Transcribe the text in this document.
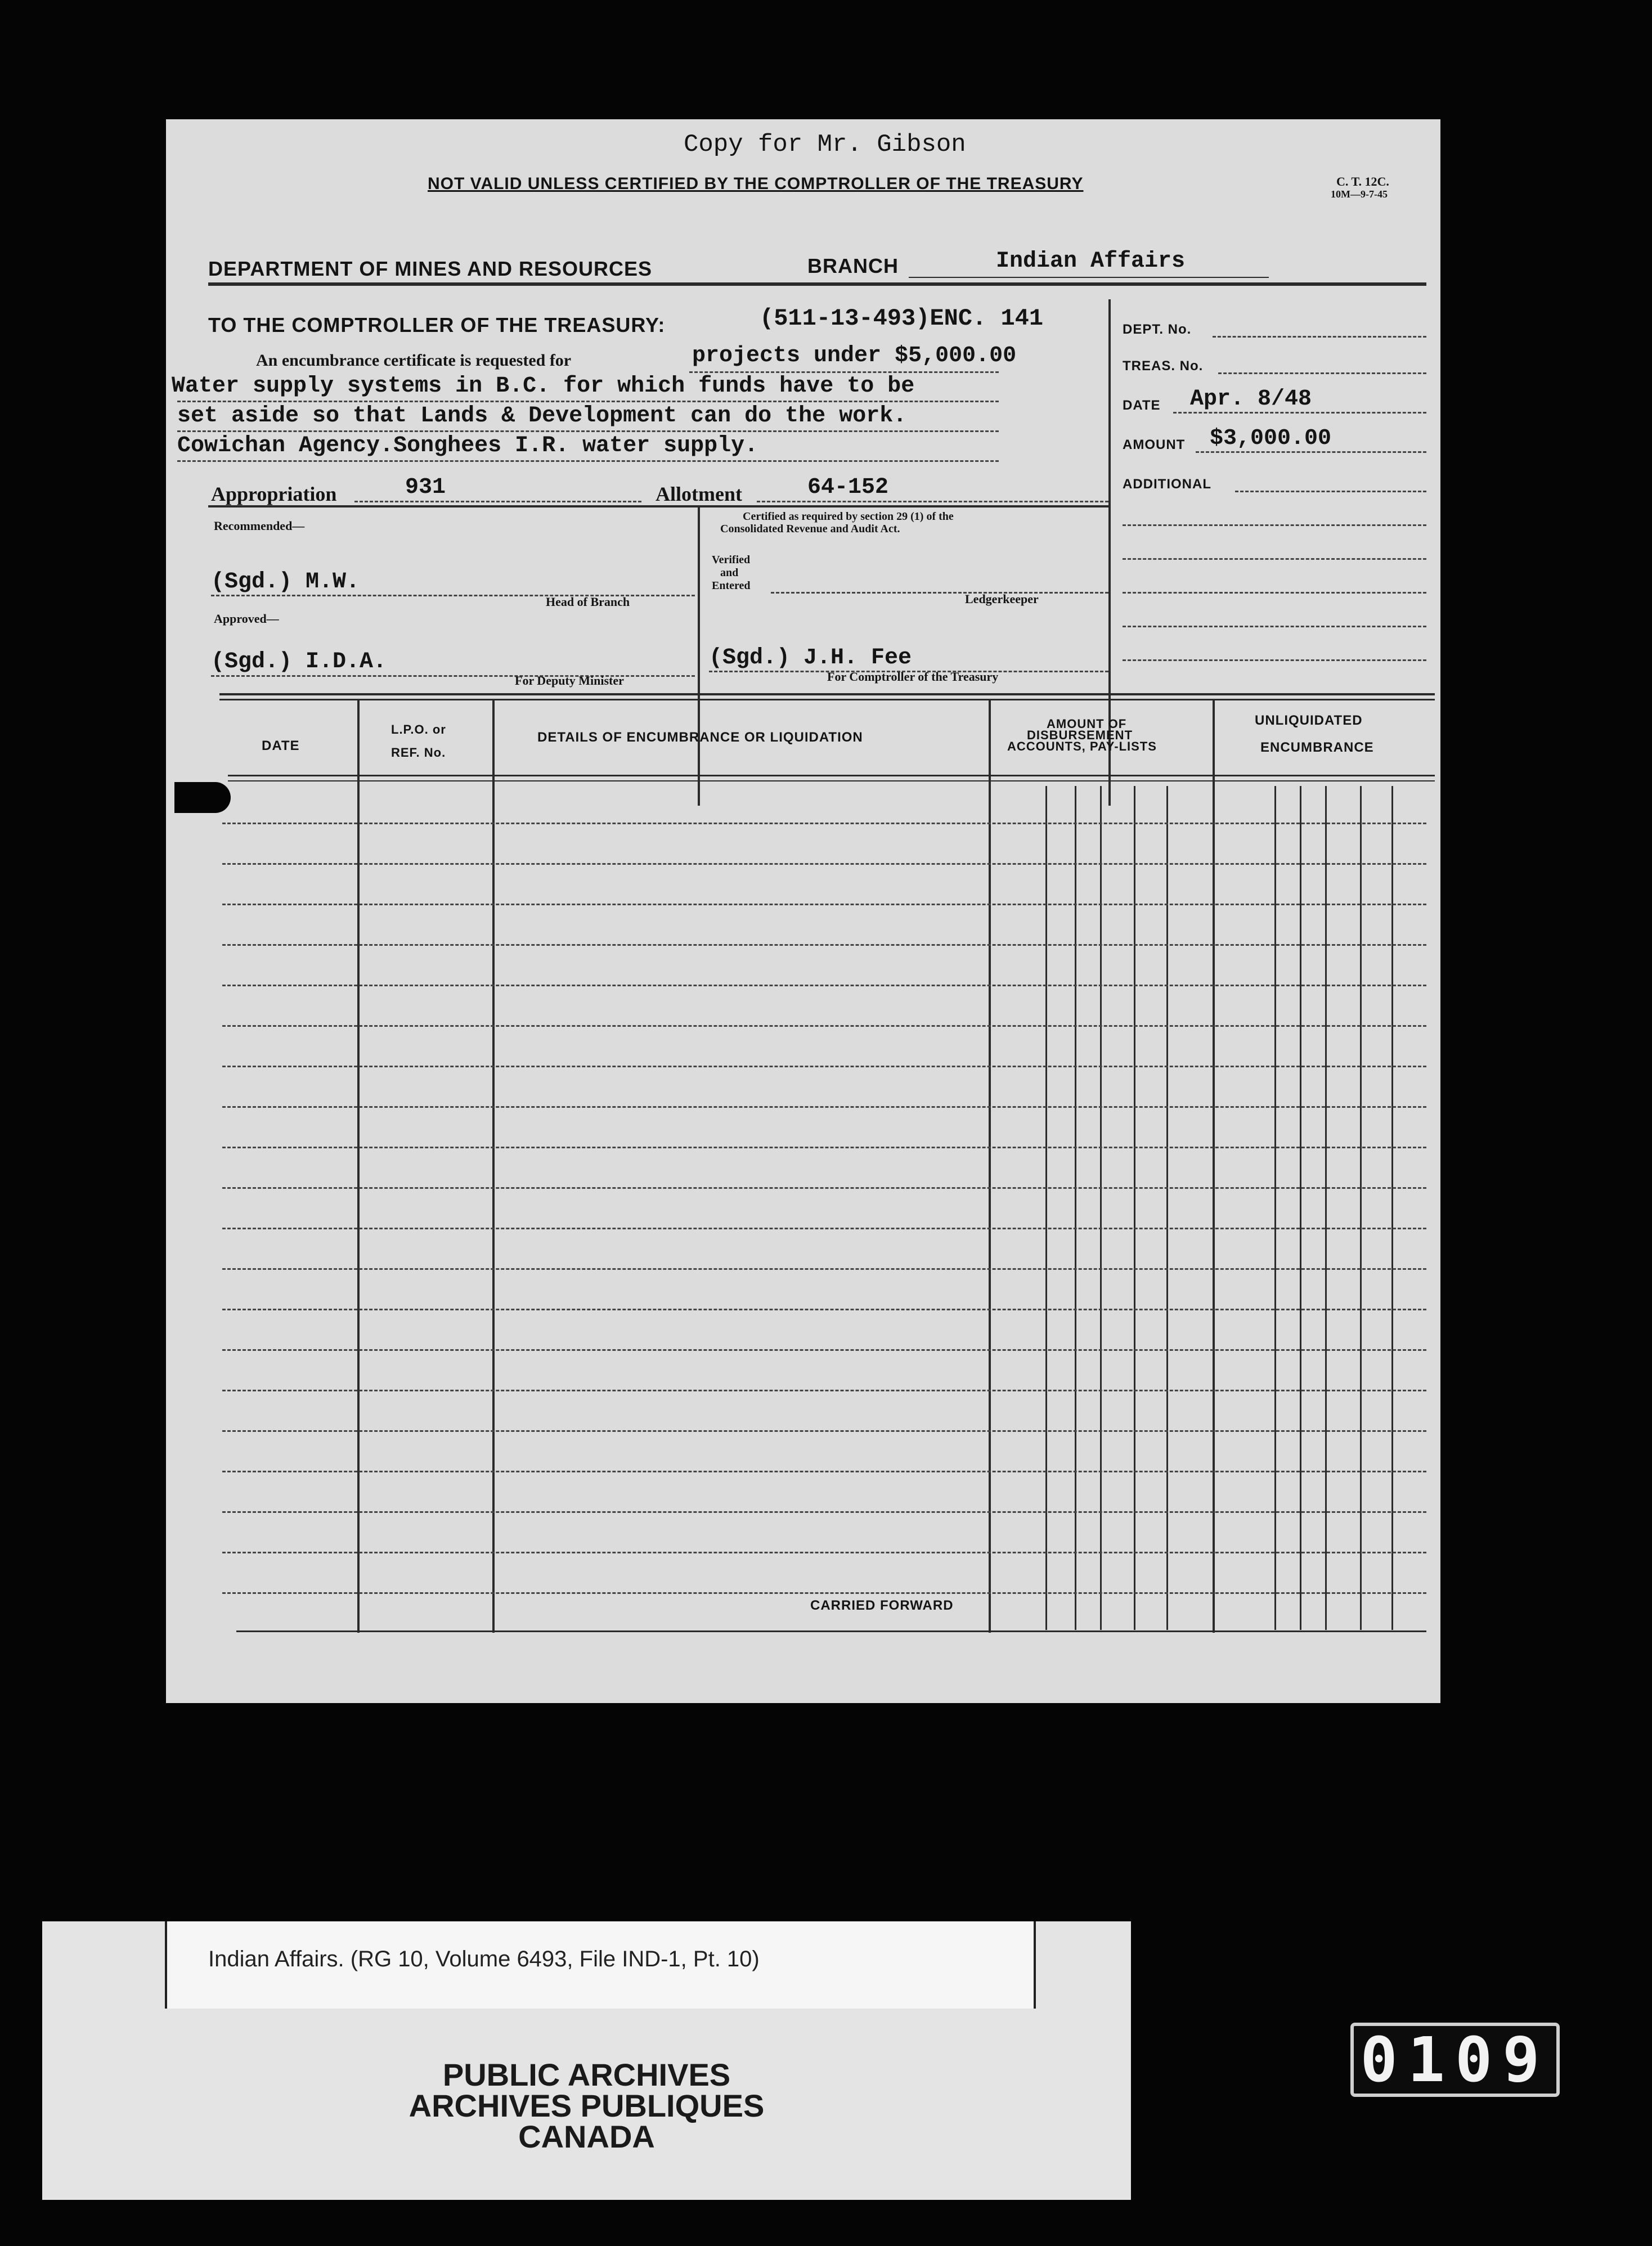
Copy for Mr. Gibson
NOT VALID UNLESS CERTIFIED BY THE COMPTROLLER OF THE TREASURY	C. T. 12C.
10M—9-7-45
DEPARTMENT OF MINES AND RESOURCES	BRANCH	Indian Affairs
TO THE COMPTROLLER OF THE TREASURY:	(511-13-493)ENC. 141
An encumbrance certificate is requested for	projects under $5,000.00
Water supply systems in B.C. for which funds have to be
set aside so that Lands & Development can do the work.
Cowichan Agency.Songhees I.R. water supply.
DEPT. No.
TREAS. No.
DATE Apr. 8/48
AMOUNT $3,000.00
ADDITIONAL
Appropriation	931	Allotment	64-152
Recommended—
(Sgd.) M.W.
Head of Branch
Approved—
(Sgd.) I.D.A.
For Deputy Minister
Certified as required by section 29 (1) of the
Consolidated Revenue and Audit Act.
Verified
and
Entered
Ledgerkeeper
(Sgd.) J.H. Fee
For Comptroller of the Treasury
DATE
L.P.O. or
REF. No.
DETAILS OF ENCUMBRANCE OR LIQUIDATION
AMOUNT OF
DISBURSEMENT
ACCOUNTS, PAY-LISTS
UNLIQUIDATED
ENCUMBRANCE
CARRIED FORWARD
Indian Affairs. (RG 10, Volume 6493, File IND-1, Pt. 10)
PUBLIC ARCHIVES
ARCHIVES PUBLIQUES
CANADA
0109
